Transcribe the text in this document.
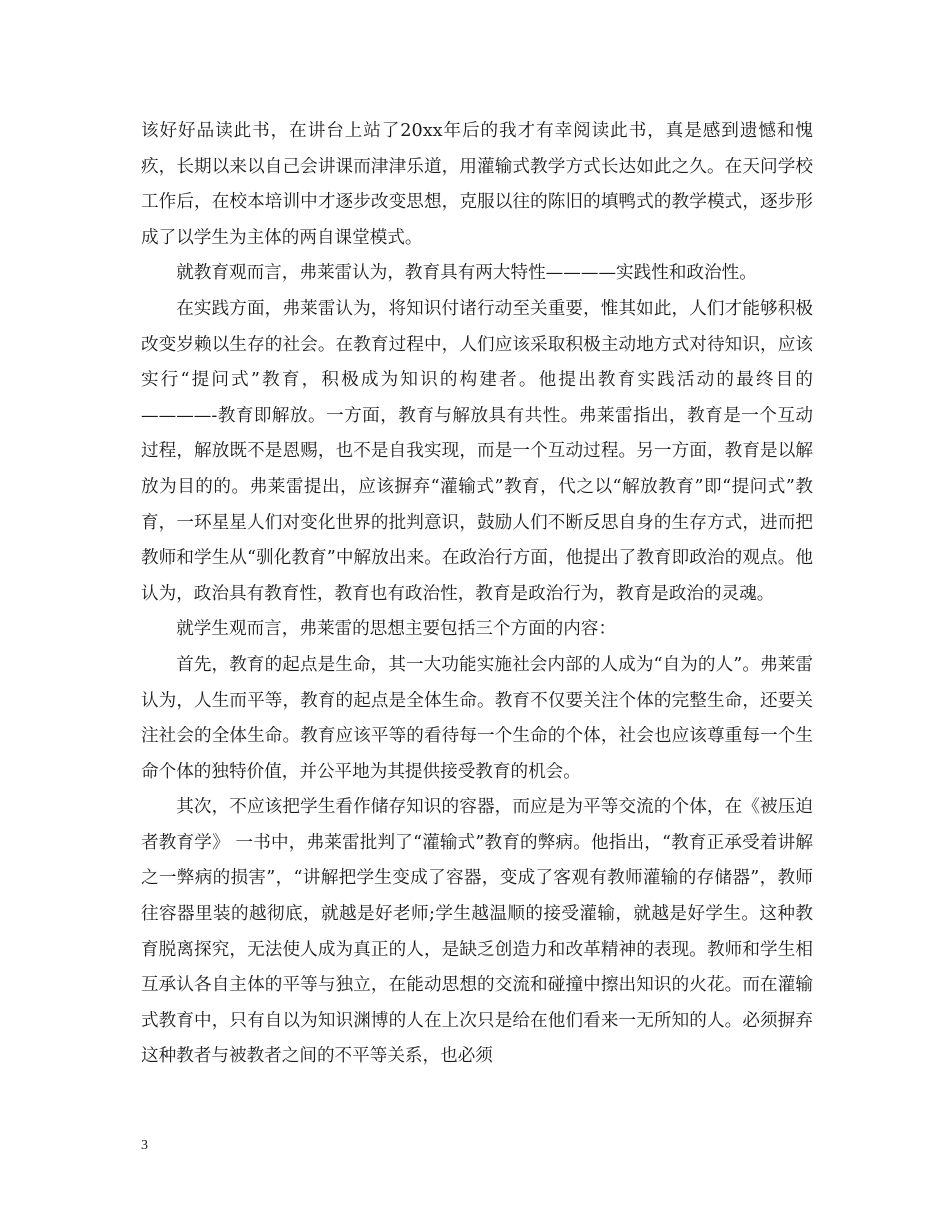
该好好品读此书，在讲台上站了20xx年后的我才有幸阅读此书，真是感到遗憾和愧疚，长期以来以自己会讲课而津津乐道，用灌输式教学方式长达如此之久。在天问学校工作后，在校本培训中才逐步改变思想，克服以往的陈旧的填鸭式的教学模式，逐步形成了以学生为主体的两自课堂模式。

就教育观而言，弗莱雷认为，教育具有两大特性————实践性和政治性。

在实践方面，弗莱雷认为，将知识付诸行动至关重要，惟其如此，人们才能够积极改变岁赖以生存的社会。在教育过程中，人们应该采取积极主动地方式对待知识，应该实行“提问式”教育，积极成为知识的构建者。他提出教育实践活动的最终目的————-教育即解放。一方面，教育与解放具有共性。弗莱雷指出，教育是一个互动过程，解放既不是恩赐，也不是自我实现，而是一个互动过程。另一方面，教育是以解放为目的的。弗莱雷提出，应该摒弃“灌输式”教育，代之以“解放教育”即“提问式”教育，一环星星人们对变化世界的批判意识，鼓励人们不断反思自身的生存方式，进而把教师和学生从“驯化教育”中解放出来。在政治行方面，他提出了教育即政治的观点。他认为，政治具有教育性，教育也有政治性，教育是政治行为，教育是政治的灵魂。

就学生观而言，弗莱雷的思想主要包括三个方面的内容：

首先，教育的起点是生命，其一大功能实施社会内部的人成为“自为的人”。弗莱雷认为，人生而平等，教育的起点是全体生命。教育不仅要关注个体的完整生命，还要关注社会的全体生命。教育应该平等的看待每一个生命的个体，社会也应该尊重每一个生命个体的独特价值，并公平地为其提供接受教育的机会。

其次，不应该把学生看作储存知识的容器，而应是为平等交流的个体，在《被压迫者教育学》 一书中，弗莱雷批判了“灌输式”教育的弊病。他指出，“教育正承受着讲解之一弊病的损害”，“讲解把学生变成了容器，变成了客观有教师灌输的存储器”，教师往容器里装的越彻底，就越是好老师;学生越温顺的接受灌输，就越是好学生。这种教育脱离探究，无法使人成为真正的人，是缺乏创造力和改革精神的表现。教师和学生相互承认各自主体的平等与独立，在能动思想的交流和碰撞中擦出知识的火花。而在灌输式教育中，只有自以为知识渊博的人在上次只是给在他们看来一无所知的人。必须摒弃这种教者与被教者之间的不平等关系，也必须

3
